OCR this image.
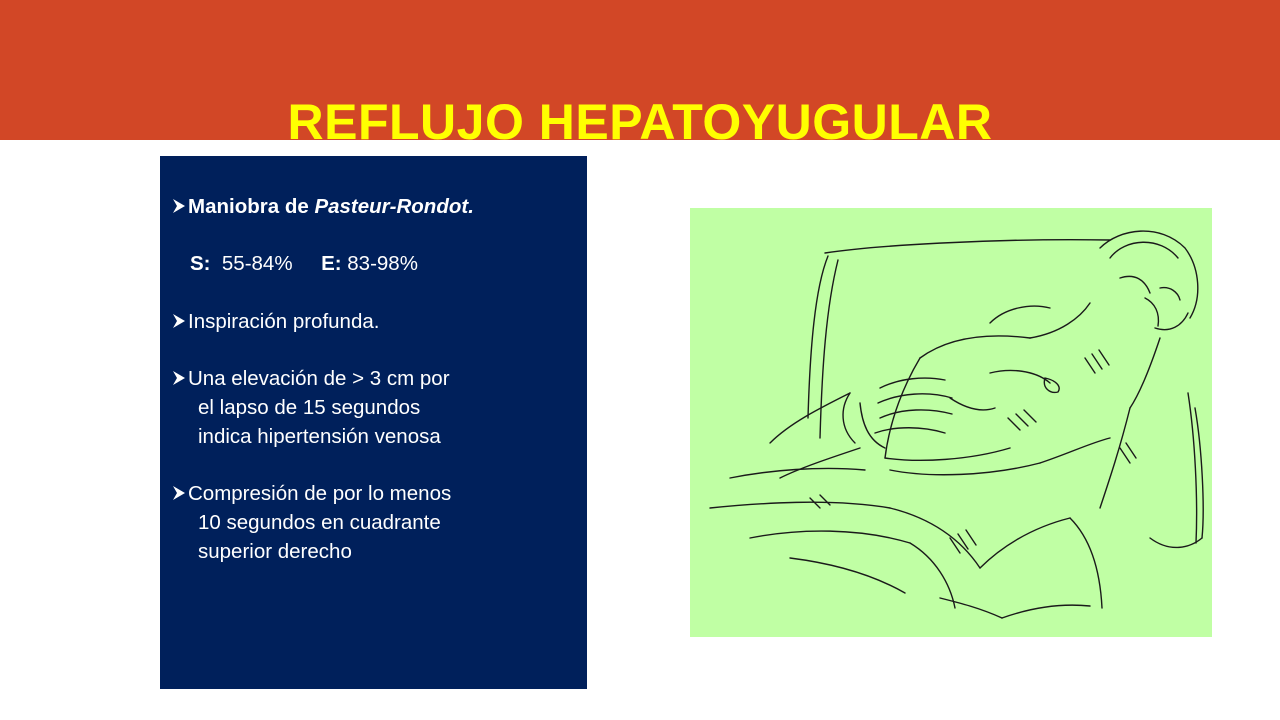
REFLUJO HEPATOYUGULAR
Maniobra de Pasteur-Rondot.
S: 55-84% E: 83-98%
Inspiración profunda.
Una elevación de > 3 cm por
el lapso de 15 segundos
indica hipertensión venosa
Compresión de por lo menos
10 segundos en cuadrante
superior derecho
